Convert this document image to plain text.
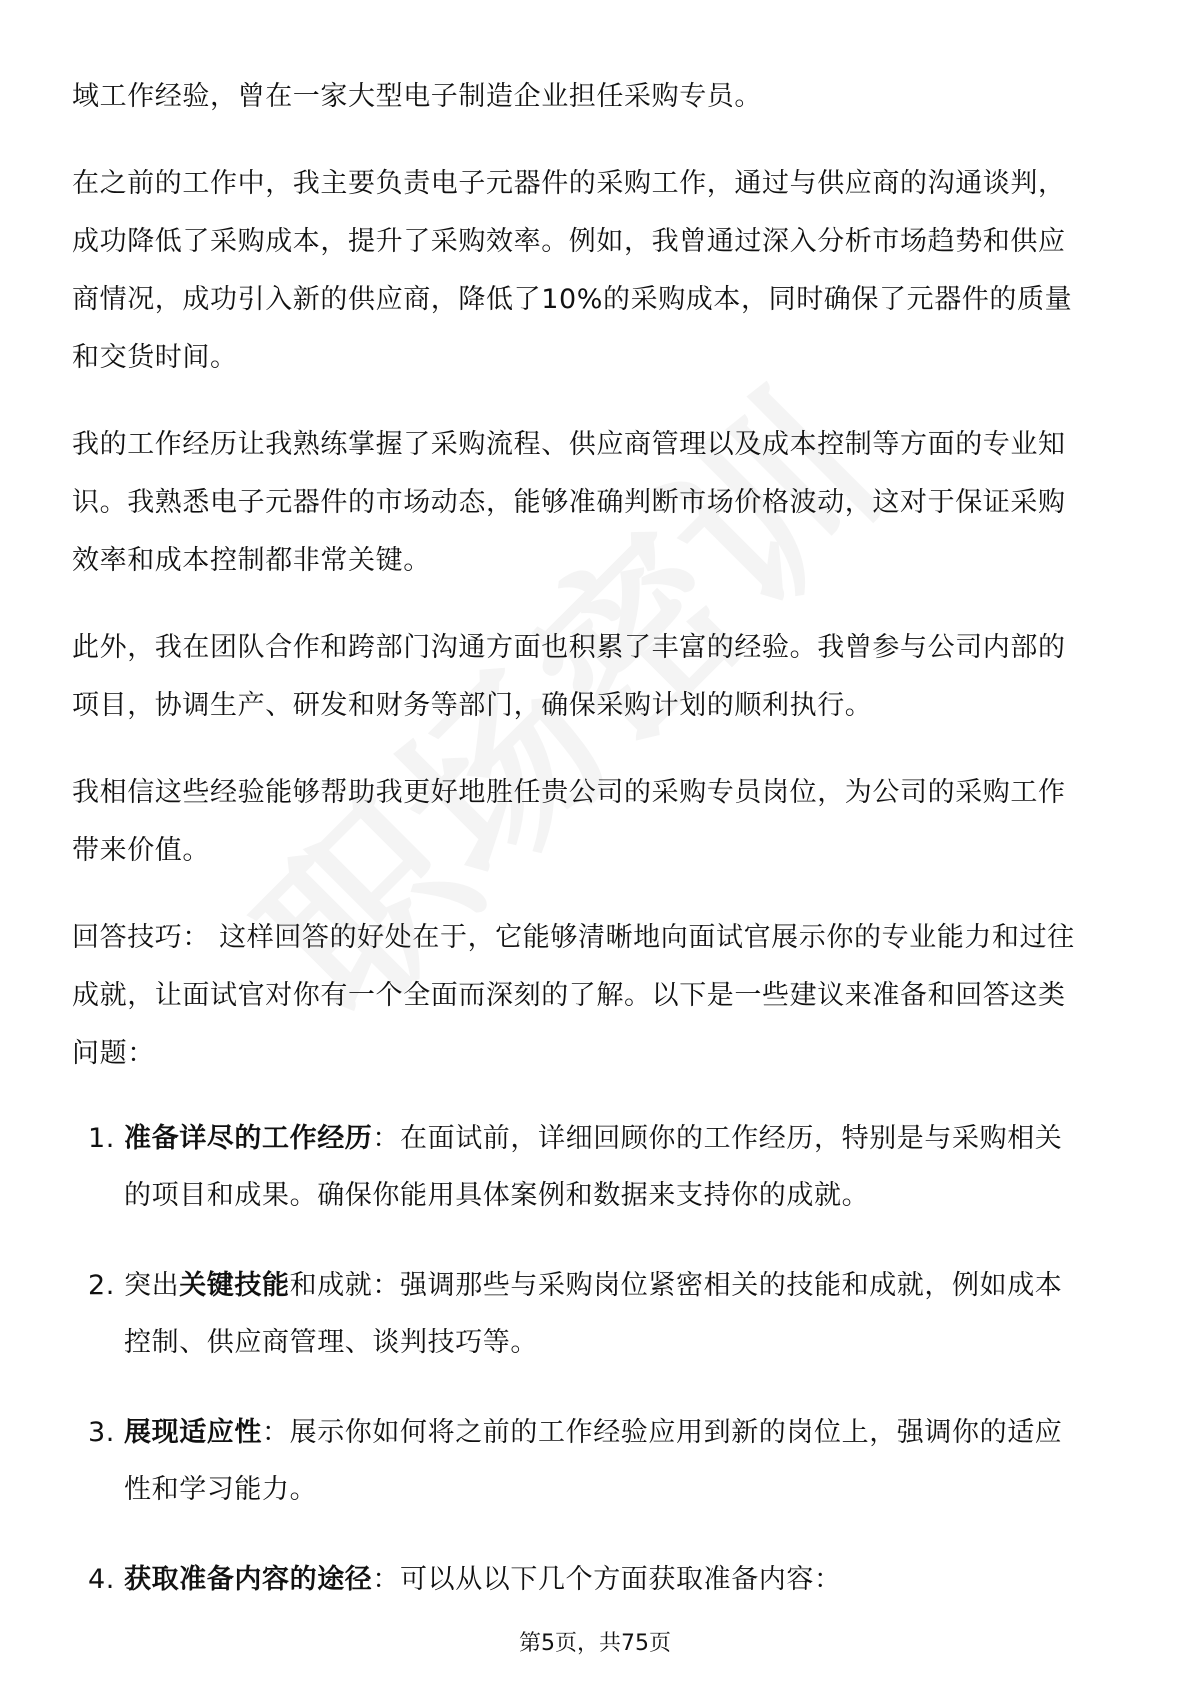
域工作经验，曾在一家大型电子制造企业担任采购专员。

在之前的工作中，我主要负责电子元器件的采购工作，通过与供应商的沟通谈判，
成功降低了采购成本，提升了采购效率。例如，我曾通过深入分析市场趋势和供应
商情况，成功引入新的供应商，降低了10%的采购成本，同时确保了元器件的质量
和交货时间。

我的工作经历让我熟练掌握了采购流程、供应商管理以及成本控制等方面的专业知
识。我熟悉电子元器件的市场动态，能够准确判断市场价格波动，这对于保证采购
效率和成本控制都非常关键。

此外，我在团队合作和跨部门沟通方面也积累了丰富的经验。我曾参与公司内部的
项目，协调生产、研发和财务等部门，确保采购计划的顺利执行。

我相信这些经验能够帮助我更好地胜任贵公司的采购专员岗位，为公司的采购工作
带来价值。

回答技巧： 这样回答的好处在于，它能够清晰地向面试官展示你的专业能力和过往
成就，让面试官对你有一个全面而深刻的了解。以下是一些建议来准备和回答这类
问题：

1. 准备详尽的工作经历：在面试前，详细回顾你的工作经历，特别是与采购相关
的项目和成果。确保你能用具体案例和数据来支持你的成就。
2. 突出关键技能和成就：强调那些与采购岗位紧密相关的技能和成就，例如成本
控制、供应商管理、谈判技巧等。
3. 展现适应性：展示你如何将之前的工作经验应用到新的岗位上，强调你的适应
性和学习能力。
4. 获取准备内容的途径：可以从以下几个方面获取准备内容：
第5页，共75页
